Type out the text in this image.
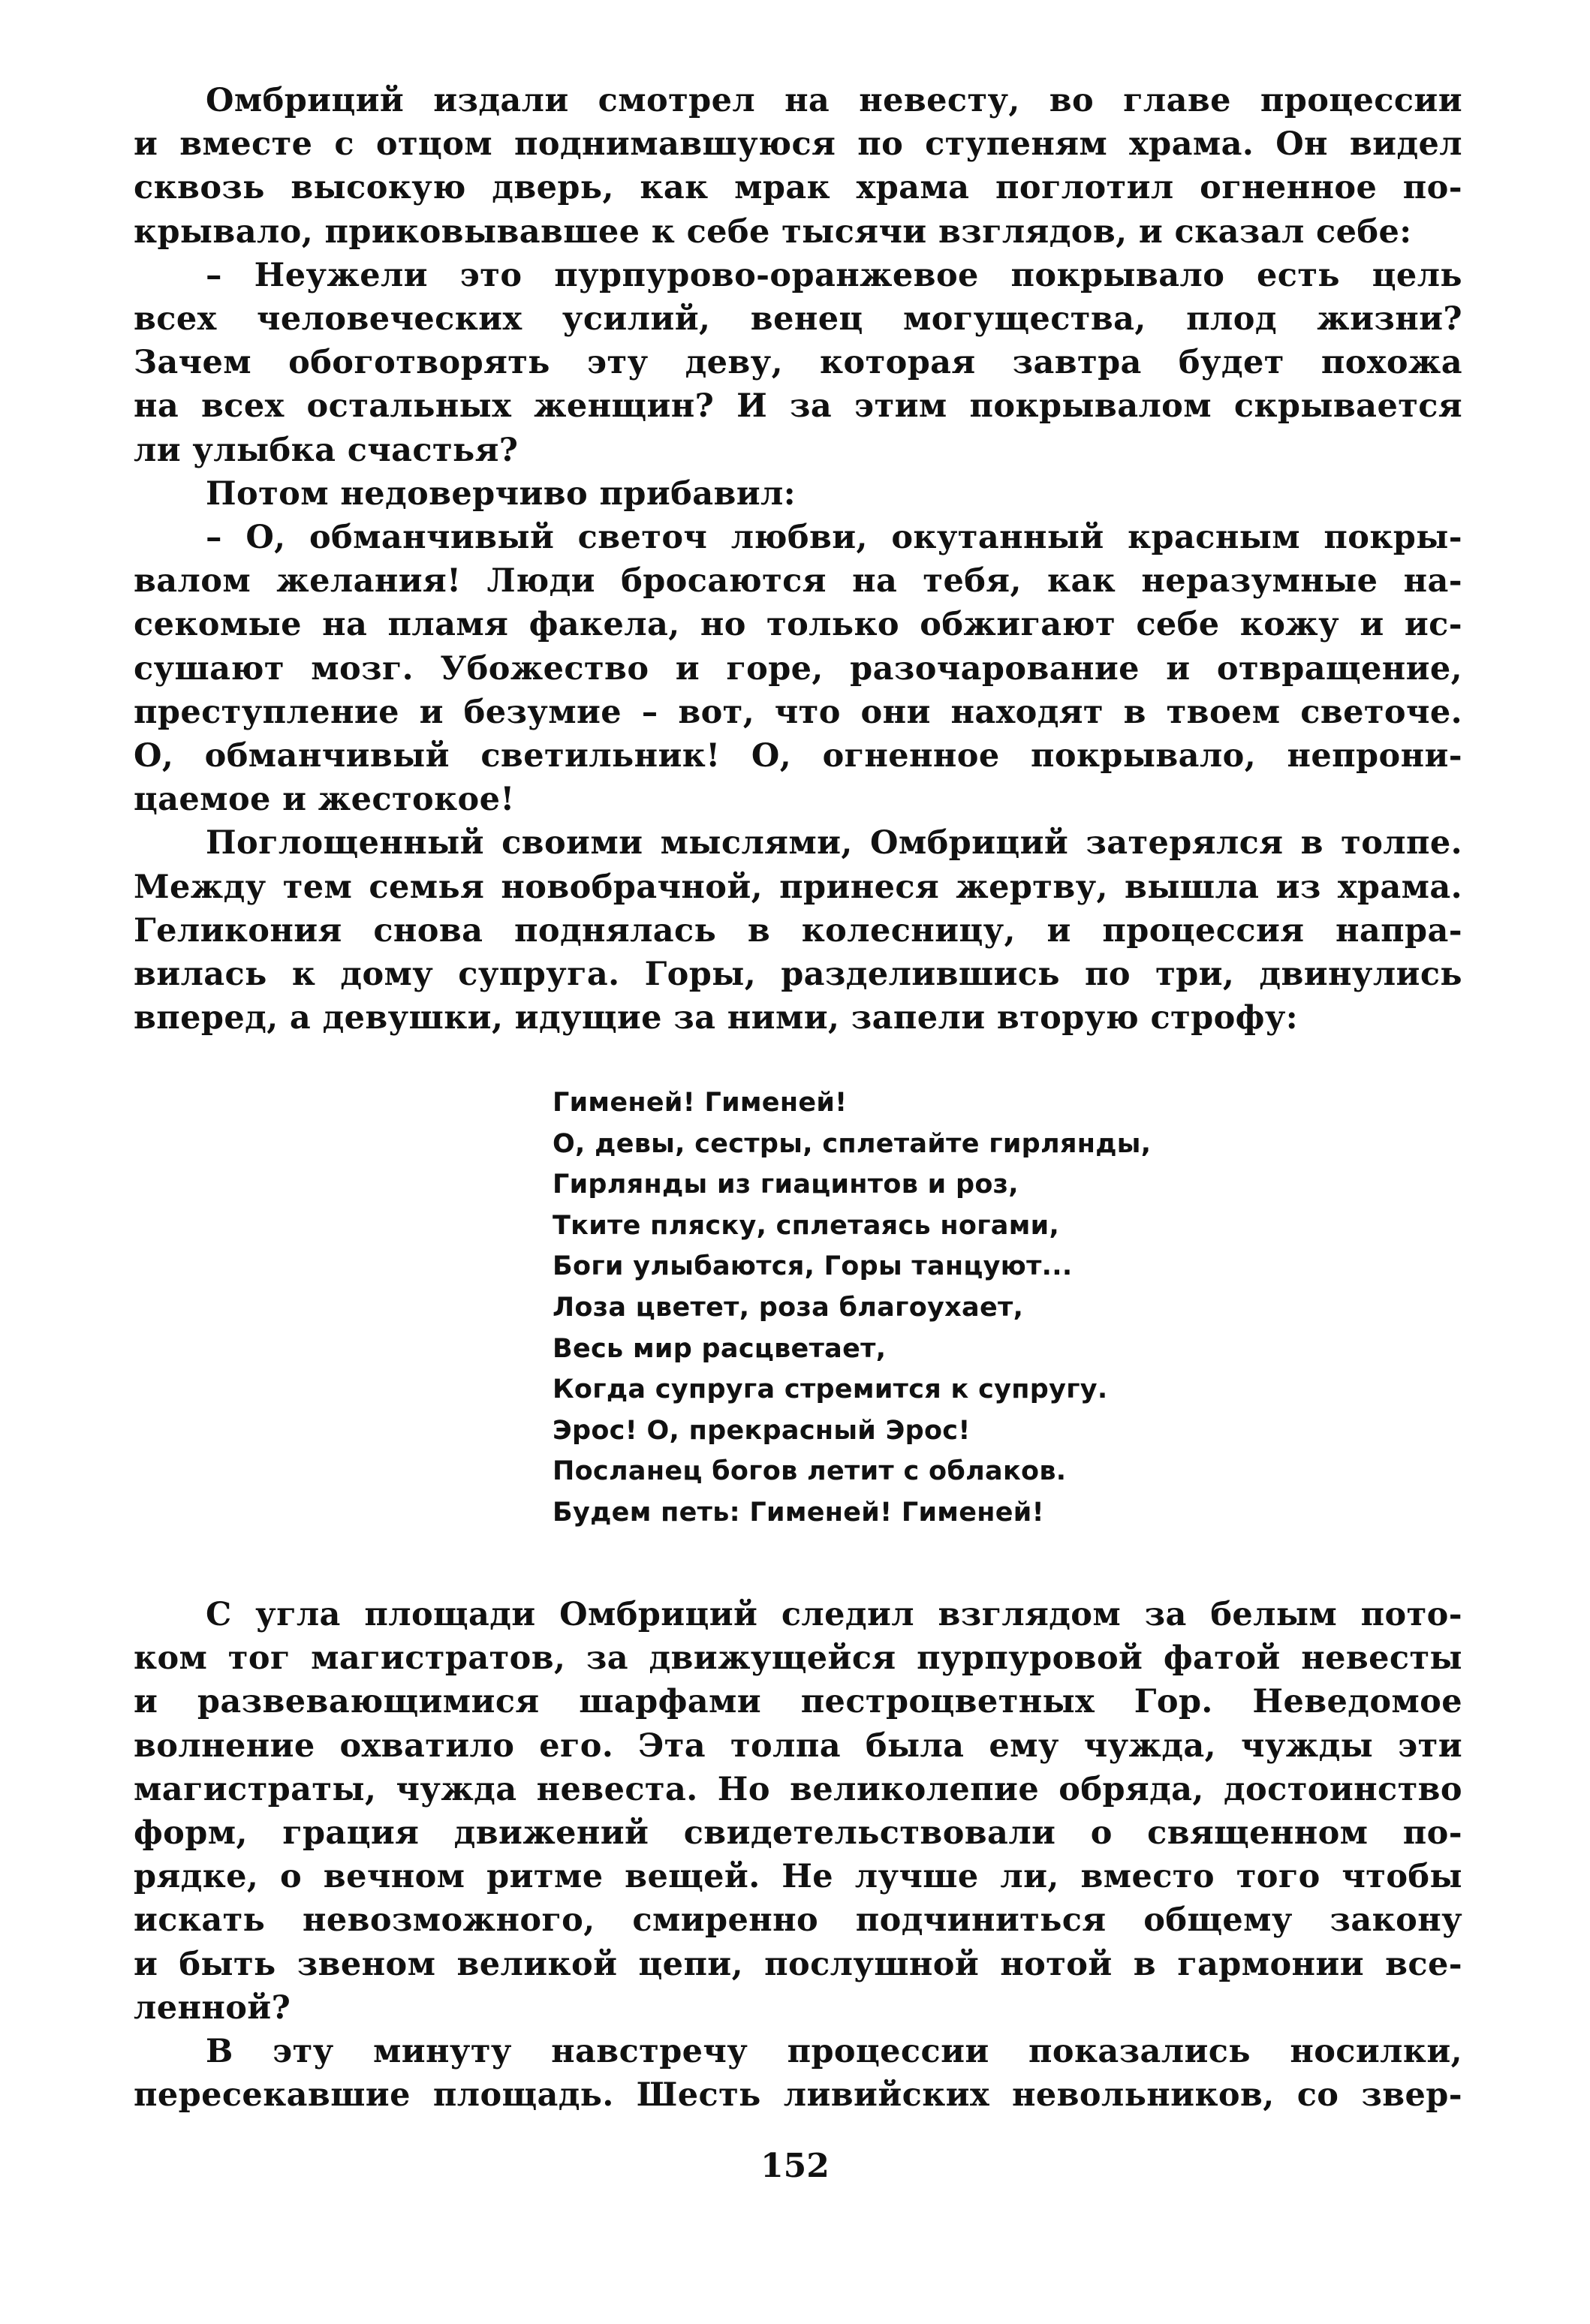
Омбриций издали смотрел на невесту, во главе процессии
и вместе с отцом поднимавшуюся по ступеням храма. Он видел
сквозь высокую дверь, как мрак храма поглотил огненное по-
крывало, приковывавшее к себе тысячи взглядов, и сказал себе:
– Неужели это пурпурово-оранжевое покрывало есть цель
всех человеческих усилий, венец могущества, плод жизни?
Зачем обоготворять эту деву, которая завтра будет похожа
на всех остальных женщин? И за этим покрывалом скрывается
ли улыбка счастья?
Потом недоверчиво прибавил:
– О, обманчивый светоч любви, окутанный красным покры-
валом желания! Люди бросаются на тебя, как неразумные на-
секомые на пламя факела, но только обжигают себе кожу и ис-
сушают мозг. Убожество и горе, разочарование и отвращение,
преступление и безумие – вот, что они находят в твоем светоче.
О, обманчивый светильник! О, огненное покрывало, непрони-
цаемое и жестокое!
Поглощенный своими мыслями, Омбриций затерялся в толпе.
Между тем семья новобрачной, принеся жертву, вышла из храма.
Геликония снова поднялась в колесницу, и процессия напра-
вилась к дому супруга. Горы, разделившись по три, двинулись
вперед, а девушки, идущие за ними, запели вторую строфу:
Гименей! Гименей!
О, девы, сестры, сплетайте гирлянды,
Гирлянды из гиацинтов и роз,
Тките пляску, сплетаясь ногами,
Боги улыбаются, Горы танцуют...
Лоза цветет, роза благоухает,
Весь мир расцветает,
Когда супруга стремится к супругу.
Эрос! О, прекрасный Эрос!
Посланец богов летит с облаков.
Будем петь: Гименей! Гименей!
С угла площади Омбриций следил взглядом за белым пото-
ком тог магистратов, за движущейся пурпуровой фатой невесты
и развевающимися шарфами пестроцветных Гор. Неведомое
волнение охватило его. Эта толпа была ему чужда, чужды эти
магистраты, чужда невеста. Но великолепие обряда, достоинство
форм, грация движений свидетельствовали о священном по-
рядке, о вечном ритме вещей. Не лучше ли, вместо того чтобы
искать невозможного, смиренно подчиниться общему закону
и быть звеном великой цепи, послушной нотой в гармонии все-
ленной?
В эту минуту навстречу процессии показались носилки,
пересекавшие площадь. Шесть ливийских невольников, со звер-
152
